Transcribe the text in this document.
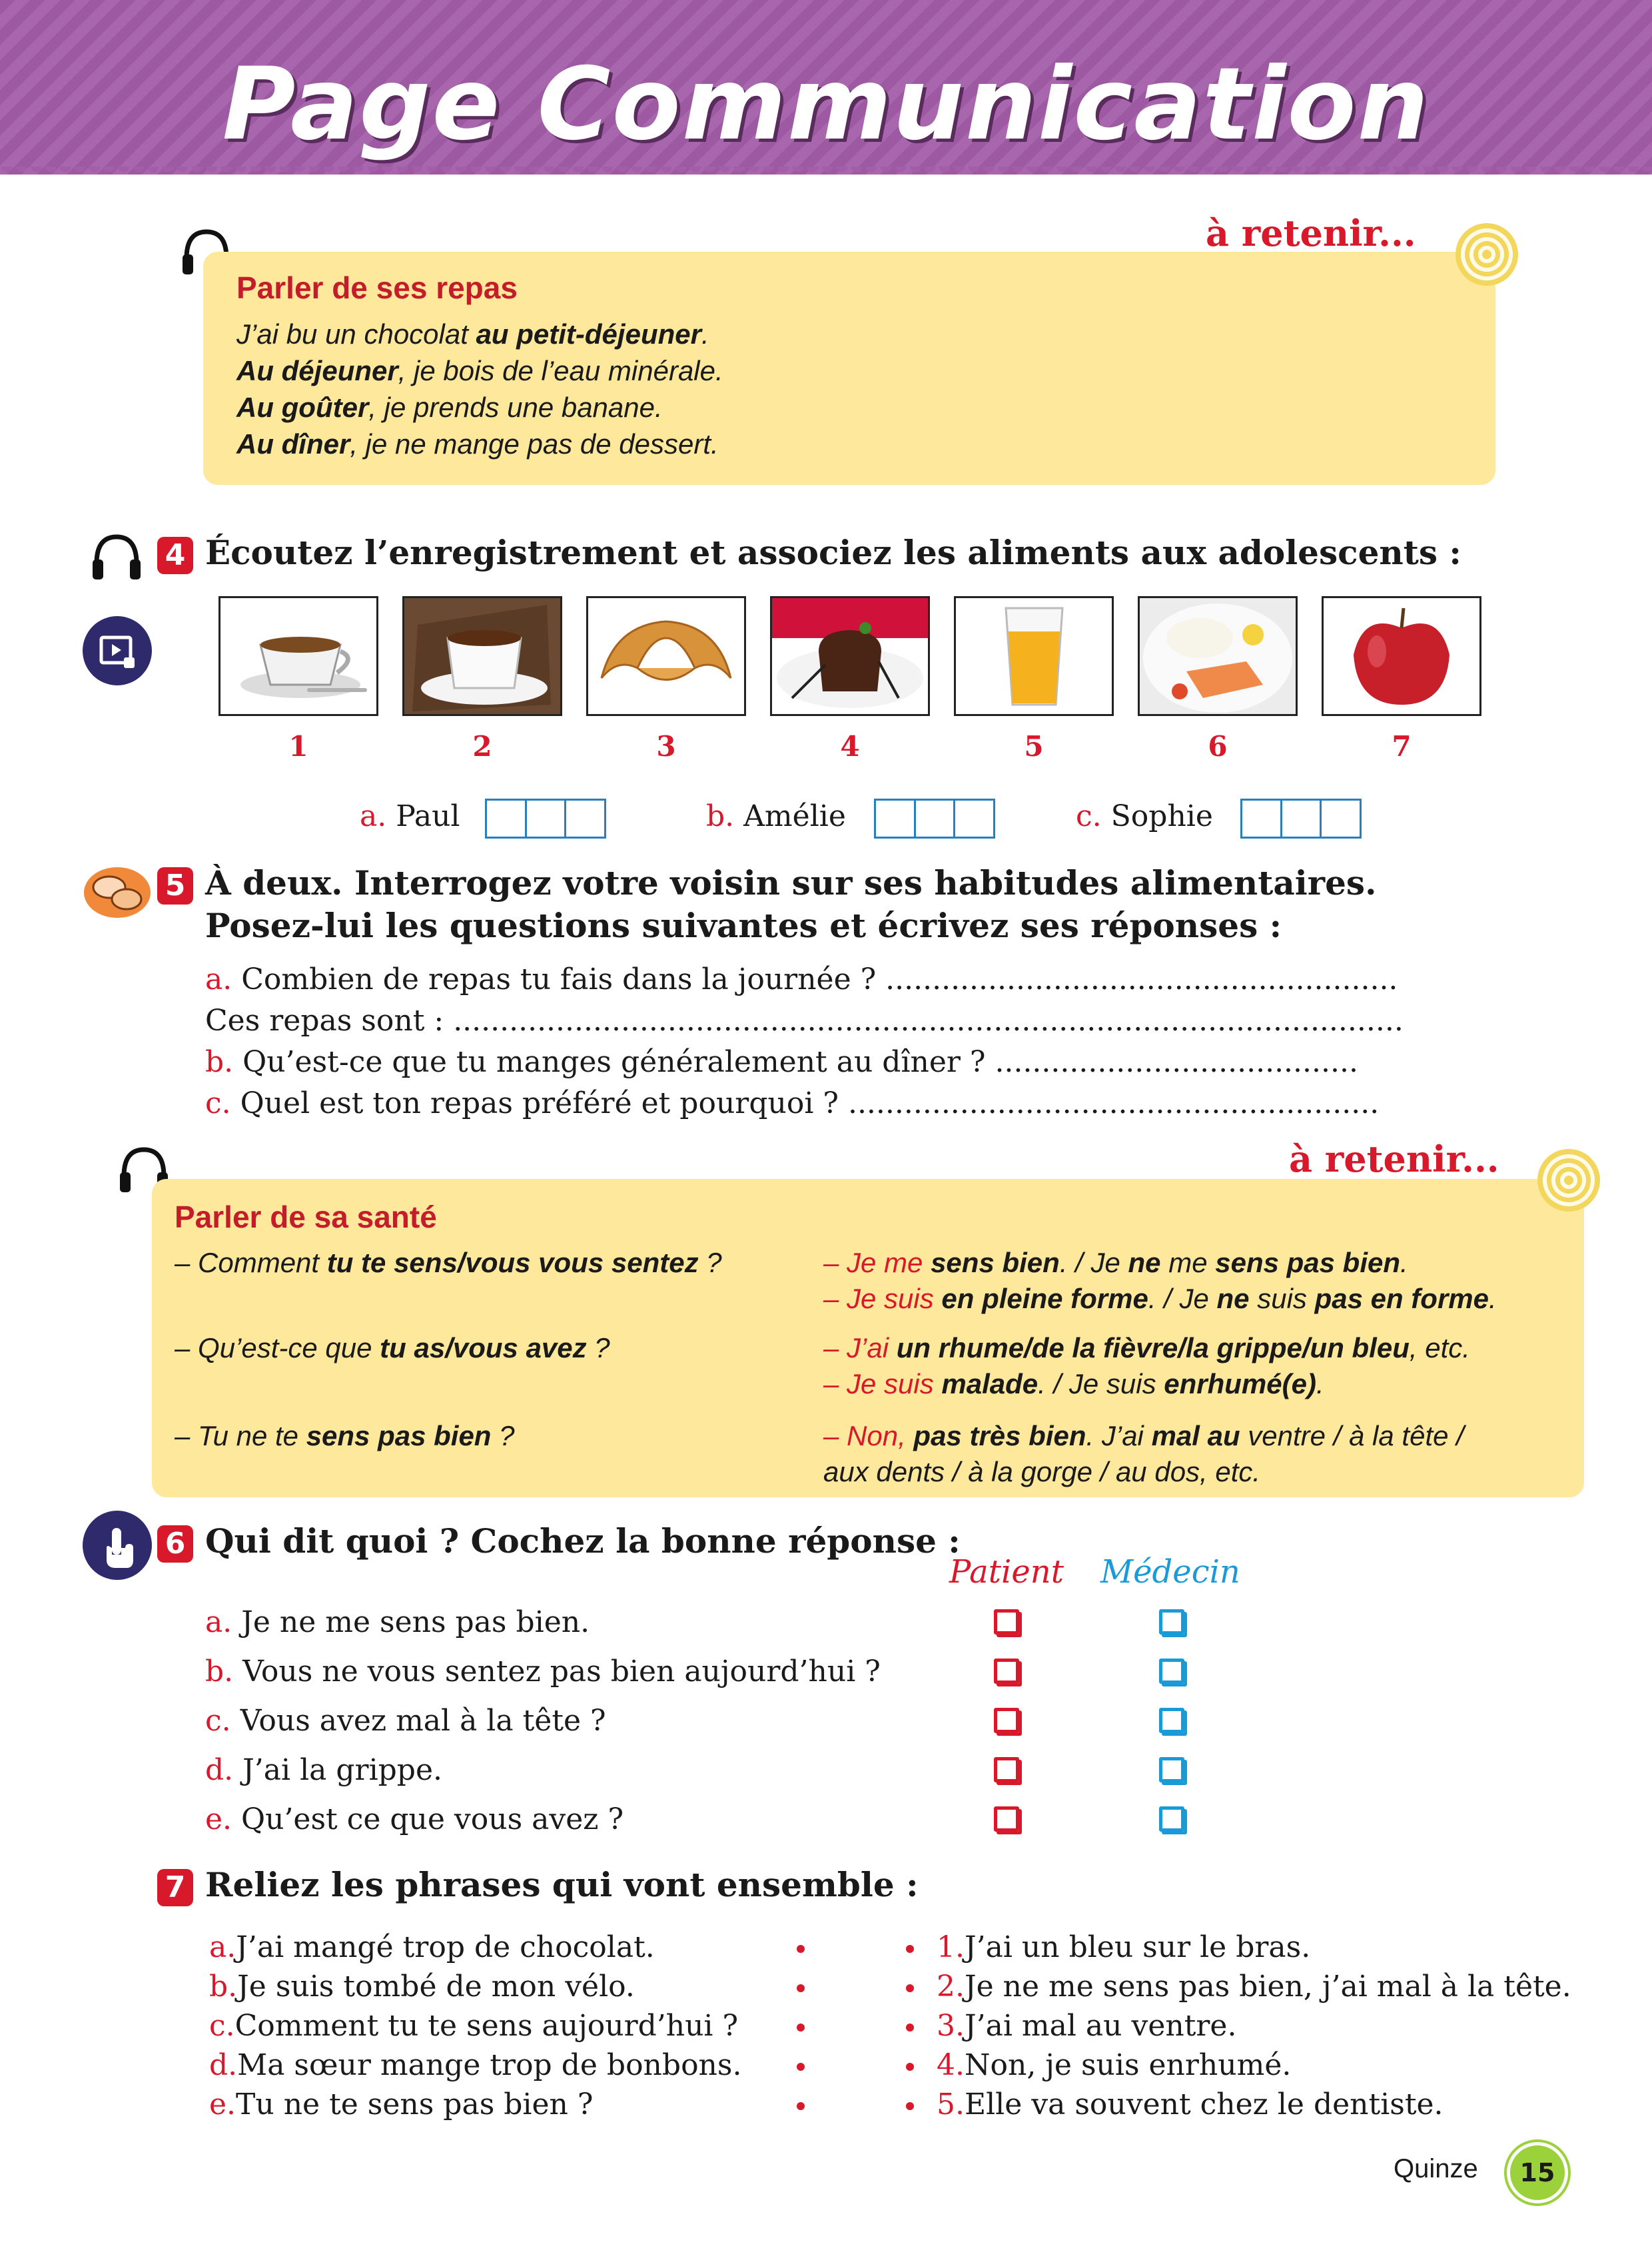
Page Communication
à retenir...
Parler de ses repas
J’ai bu un chocolat au petit-déjeuner.
Au déjeuner, je bois de l’eau minérale.
Au goûter, je prends une banane.
Au dîner, je ne mange pas de dessert.
4 Écoutez l’enregistrement et associez les aliments aux adolescents :
1	2	3	4	5	6	7
a. Paul	b. Amélie	c. Sophie
5 À deux. Interrogez votre voisin sur ses habitudes alimentaires.
Posez-lui les questions suivantes et écrivez ses réponses :
a. Combien de repas tu fais dans la journée ? .......................................................
Ces repas sont : ......................................................................................................
b. Qu’est-ce que tu manges généralement au dîner ? .......................................
c. Quel est ton repas préféré et pourquoi ? .........................................................
à retenir...
Parler de sa santé
– Comment tu te sens/vous vous sentez ?	– Je me sens bien. / Je ne me sens pas bien.
– Je suis en pleine forme. / Je ne suis pas en forme.
– Qu’est-ce que tu as/vous avez ?	– J’ai un rhume/de la fièvre/la grippe/un bleu, etc.
– Je suis malade. / Je suis enrhumé(e).
– Tu ne te sens pas bien ?	– Non, pas très bien. J’ai mal au ventre / à la tête /
aux dents / à la gorge / au dos, etc.
6 Qui dit quoi ? Cochez la bonne réponse :
Patient Médecin
a. Je ne me sens pas bien.
b. Vous ne vous sentez pas bien aujourd’hui ?
c. Vous avez mal à la tête ?
d. J’ai la grippe.
e. Qu’est ce que vous avez ?
7 Reliez les phrases qui vont ensemble :
a.J’ai mangé trop de chocolat.
b.Je suis tombé de mon vélo.
c.Comment tu te sens aujourd’hui ?
d.Ma sœur mange trop de bonbons.
e.Tu ne te sens pas bien ?
1.J’ai un bleu sur le bras.
2.Je ne me sens pas bien, j’ai mal à la tête.
3.J’ai mal au ventre.
4.Non, je suis enrhumé.
5.Elle va souvent chez le dentiste.
Quinze	15
